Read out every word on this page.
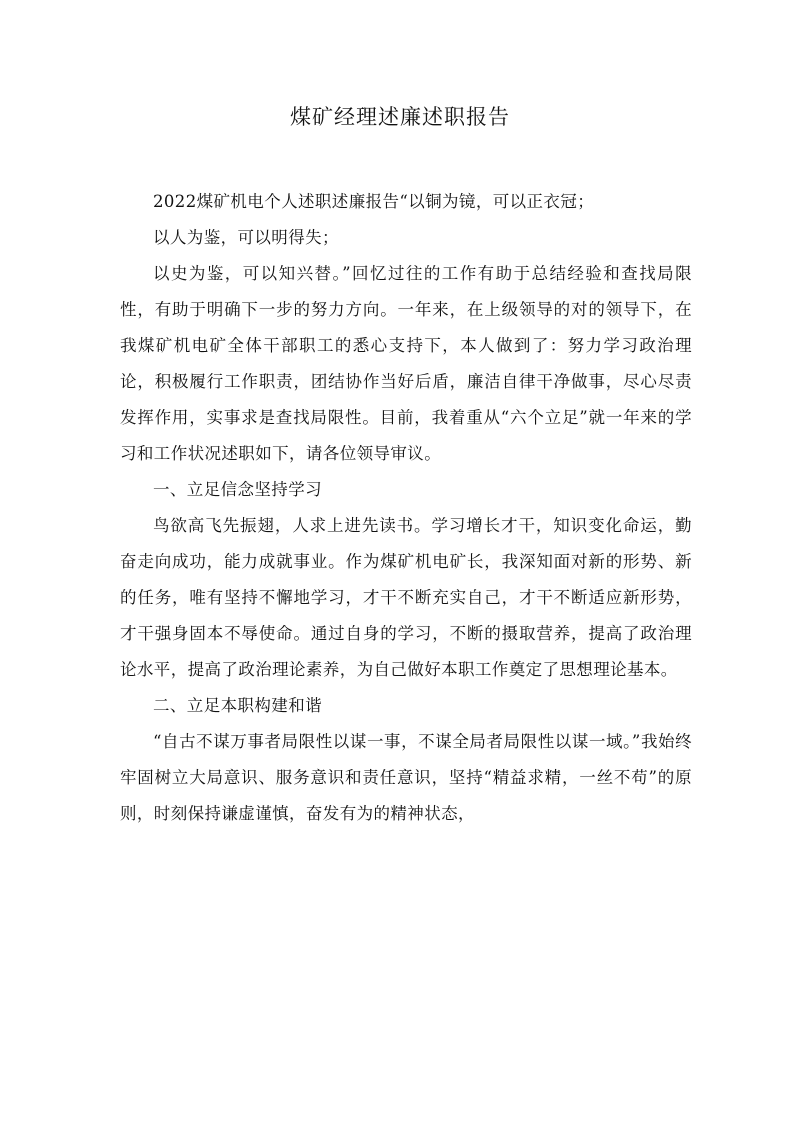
煤矿经理述廉述职报告

2022煤矿机电个人述职述廉报告“以铜为镜，可以正衣冠；

以人为鉴，可以明得失；

以史为鉴，可以知兴替。”回忆过往的工作有助于总结经验和查找局限性，有助于明确下一步的努力方向。一年来，在上级领导的对的领导下，在我煤矿机电矿全体干部职工的悉心支持下，本人做到了：努力学习政治理论，积极履行工作职责，团结协作当好后盾，廉洁自律干净做事，尽心尽责发挥作用，实事求是查找局限性。目前，我着重从“六个立足”就一年来的学习和工作状况述职如下，请各位领导审议。

一、立足信念坚持学习

鸟欲高飞先振翅，人求上进先读书。学习增长才干，知识变化命运，勤奋走向成功，能力成就事业。作为煤矿机电矿长，我深知面对新的形势、新的任务，唯有坚持不懈地学习，才干不断充实自己，才干不断适应新形势，才干强身固本不辱使命。通过自身的学习，不断的摄取营养，提高了政治理论水平，提高了政治理论素养，为自己做好本职工作奠定了思想理论基本。

二、立足本职构建和谐

“自古不谋万事者局限性以谋一事，不谋全局者局限性以谋一域。”我始终牢固树立大局意识、服务意识和责任意识，坚持“精益求精，一丝不苟”的原则，时刻保持谦虚谨慎，奋发有为的精神状态，
